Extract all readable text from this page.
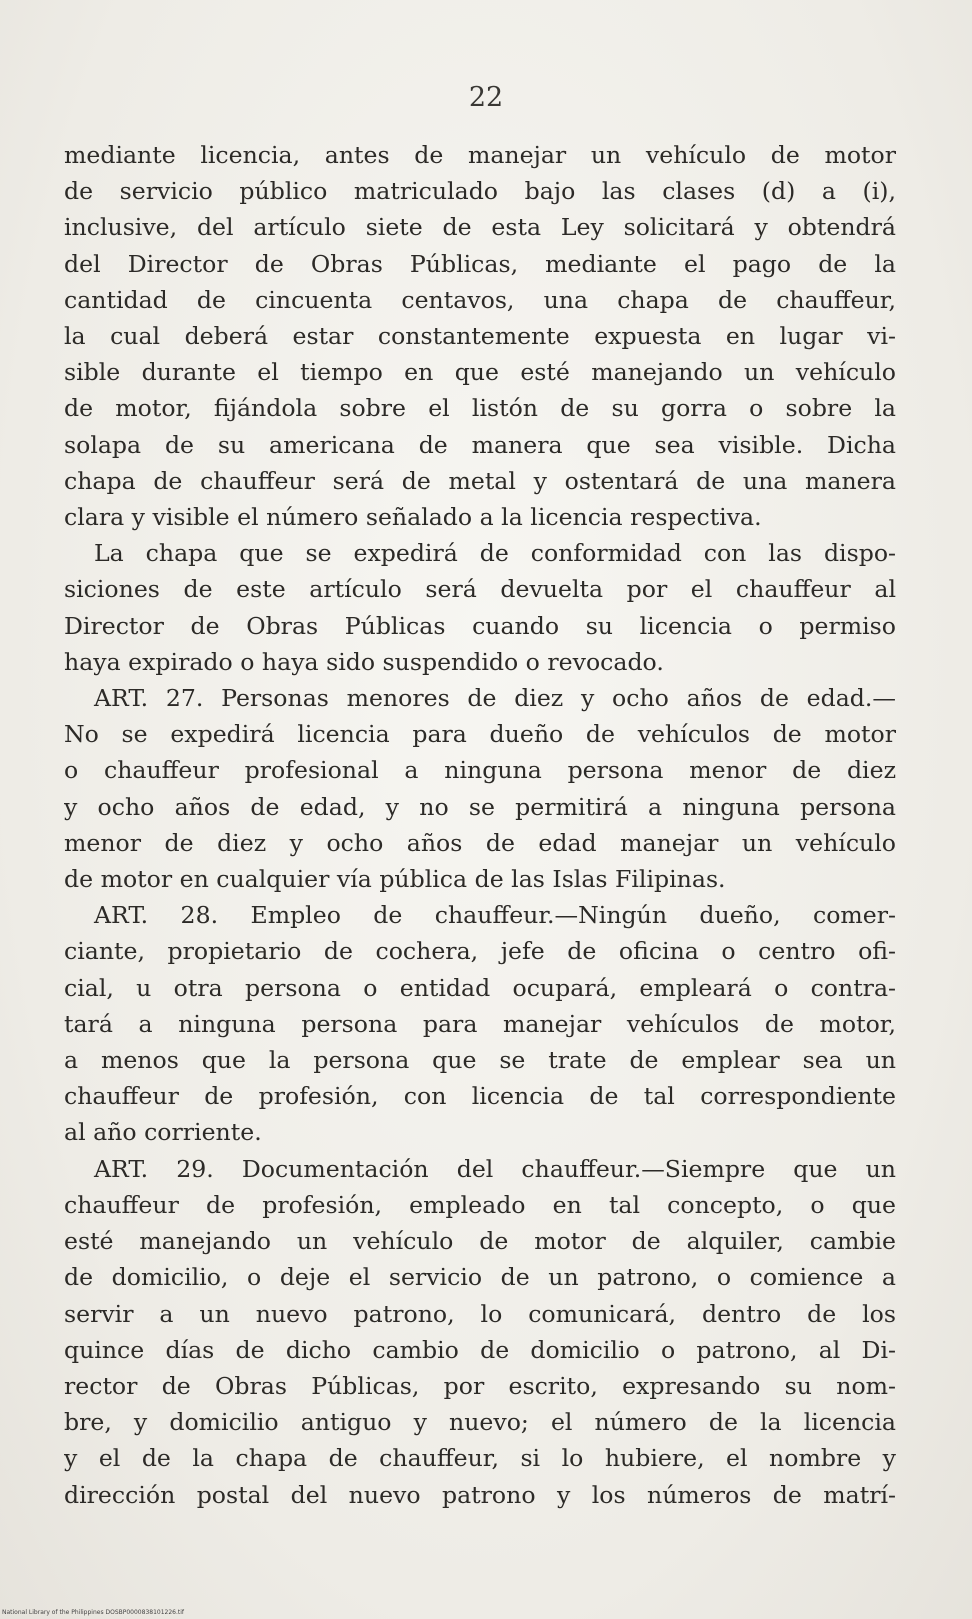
22
mediante licencia, antes de manejar un vehículo de motor
de servicio público matriculado bajo las clases (d) a (i),
inclusive, del artículo siete de esta Ley solicitará y obtendrá
del Director de Obras Públicas, mediante el pago de la
cantidad de cincuenta centavos, una chapa de chauffeur,
la cual deberá estar constantemente expuesta en lugar vi-
sible durante el tiempo en que esté manejando un vehículo
de motor, fijándola sobre el listón de su gorra o sobre la
solapa de su americana de manera que sea visible. Dicha
chapa de chauffeur será de metal y ostentará de una manera
clara y visible el número señalado a la licencia respectiva.
La chapa que se expedirá de conformidad con las dispo-
siciones de este artículo será devuelta por el chauffeur al
Director de Obras Públicas cuando su licencia o permiso
haya expirado o haya sido suspendido o revocado.
ART. 27. Personas menores de diez y ocho años de edad.—
No se expedirá licencia para dueño de vehículos de motor
o chauffeur profesional a ninguna persona menor de diez
y ocho años de edad, y no se permitirá a ninguna persona
menor de diez y ocho años de edad manejar un vehículo
de motor en cualquier vía pública de las Islas Filipinas.
ART. 28. Empleo de chauffeur.—Ningún dueño, comer-
ciante, propietario de cochera, jefe de oficina o centro ofi-
cial, u otra persona o entidad ocupará, empleará o contra-
tará a ninguna persona para manejar vehículos de motor,
a menos que la persona que se trate de emplear sea un
chauffeur de profesión, con licencia de tal correspondiente
al año corriente.
ART. 29. Documentación del chauffeur.—Siempre que un
chauffeur de profesión, empleado en tal concepto, o que
esté manejando un vehículo de motor de alquiler, cambie
de domicilio, o deje el servicio de un patrono, o comience a
servir a un nuevo patrono, lo comunicará, dentro de los
quince días de dicho cambio de domicilio o patrono, al Di-
rector de Obras Públicas, por escrito, expresando su nom-
bre, y domicilio antiguo y nuevo; el número de la licencia
y el de la chapa de chauffeur, si lo hubiere, el nombre y
dirección postal del nuevo patrono y los números de matrí-
National Library of the Philippines DOSBP0000838101226.tif
